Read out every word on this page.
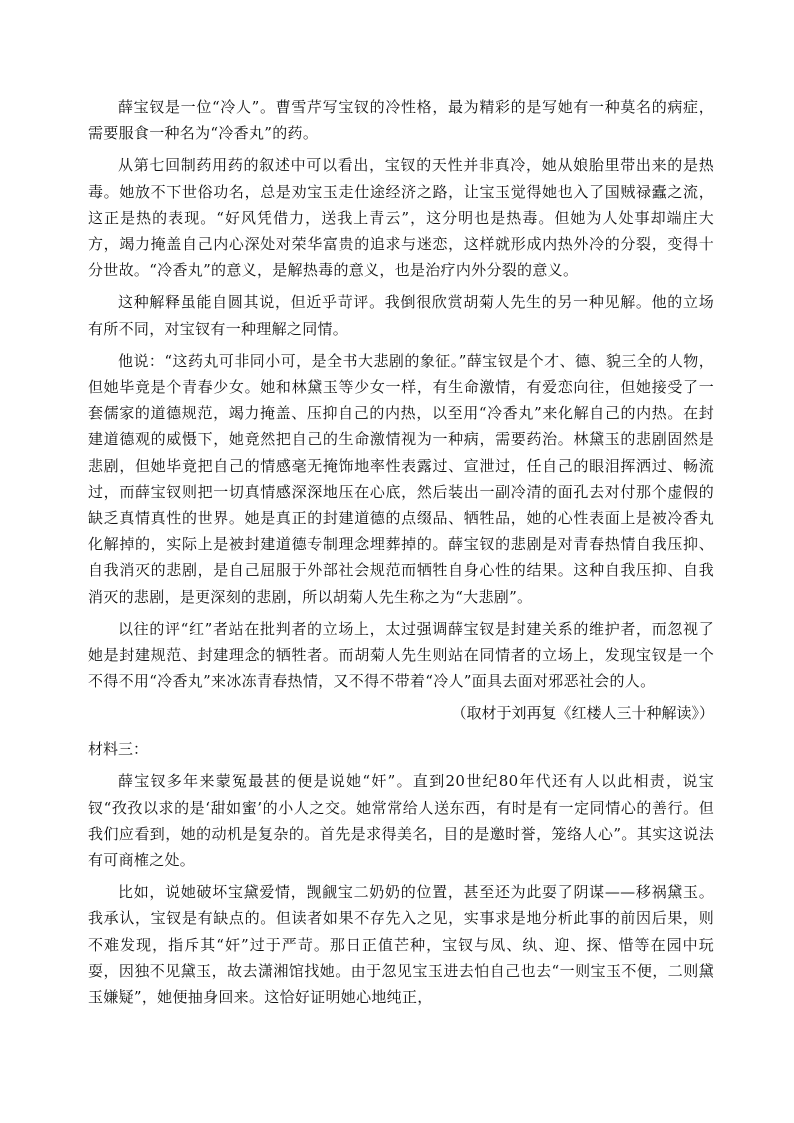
薛宝钗是一位“冷人”。曹雪芹写宝钗的冷性格，最为精彩的是写她有一种莫名的病症，需要服食一种名为“冷香丸”的药。

从第七回制药用药的叙述中可以看出，宝钗的天性并非真冷，她从娘胎里带出来的是热毒。她放不下世俗功名，总是劝宝玉走仕途经济之路，让宝玉觉得她也入了国贼禄蠹之流，这正是热的表现。“好风凭借力，送我上青云”，这分明也是热毒。但她为人处事却端庄大方，竭力掩盖自己内心深处对荣华富贵的追求与迷恋，这样就形成内热外冷的分裂，变得十分世故。“冷香丸”的意义，是解热毒的意义，也是治疗内外分裂的意义。

这种解释虽能自圆其说，但近乎苛评。我倒很欣赏胡菊人先生的另一种见解。他的立场有所不同，对宝钗有一种理解之同情。

他说：“这药丸可非同小可，是全书大悲剧的象征。”薛宝钗是个才、德、貌三全的人物，但她毕竟是个青春少女。她和林黛玉等少女一样，有生命激情，有爱恋向往，但她接受了一套儒家的道德规范，竭力掩盖、压抑自己的内热，以至用“冷香丸”来化解自己的内热。在封建道德观的威慑下，她竟然把自己的生命激情视为一种病，需要药治。林黛玉的悲剧固然是悲剧，但她毕竟把自己的情感毫无掩饰地率性表露过、宣泄过，任自己的眼泪挥洒过、畅流过，而薛宝钗则把一切真情感深深地压在心底，然后装出一副冷清的面孔去对付那个虚假的缺乏真情真性的世界。她是真正的封建道德的点缀品、牺牲品，她的心性表面上是被冷香丸化解掉的，实际上是被封建道德专制理念埋葬掉的。薛宝钗的悲剧是对青春热情自我压抑、自我消灭的悲剧，是自己屈服于外部社会规范而牺牲自身心性的结果。这种自我压抑、自我消灭的悲剧，是更深刻的悲剧，所以胡菊人先生称之为“大悲剧”。

以往的评“红”者站在批判者的立场上，太过强调薛宝钗是封建关系的维护者，而忽视了她是封建规范、封建理念的牺牲者。而胡菊人先生则站在同情者的立场上，发现宝钗是一个不得不用“冷香丸”来冰冻青春热情，又不得不带着“冷人”面具去面对邪恶社会的人。

（取材于刘再复《红楼人三十种解读》）

材料三：

薛宝钗多年来蒙冤最甚的便是说她“奸”。直到20世纪80年代还有人以此相责，说宝钗“孜孜以求的是‘甜如蜜’的小人之交。她常常给人送东西，有时是有一定同情心的善行。但我们应看到，她的动机是复杂的。首先是求得美名，目的是邀时誉，笼络人心”。其实这说法有可商榷之处。

比如，说她破坏宝黛爱情，觊觎宝二奶奶的位置，甚至还为此耍了阴谋——移祸黛玉。我承认，宝钗是有缺点的。但读者如果不存先入之见，实事求是地分析此事的前因后果，则不难发现，指斥其“奸”过于严苛。那日正值芒种，宝钗与凤、纨、迎、探、惜等在园中玩耍，因独不见黛玉，故去潇湘馆找她。由于忽见宝玉进去怕自己也去“一则宝玉不便，二则黛玉嫌疑”，她便抽身回来。这恰好证明她心地纯正，
